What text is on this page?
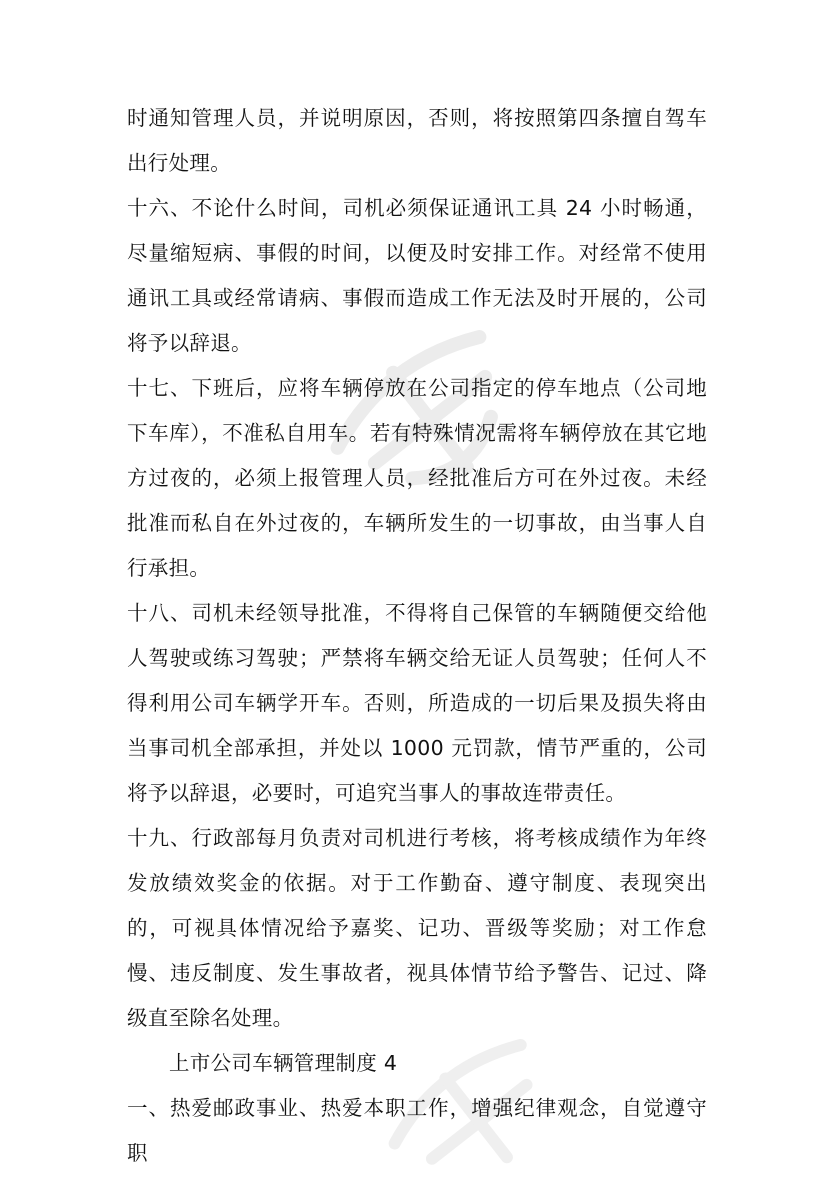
时通知管理人员，并说明原因，否则，将按照第四条擅自驾车出行处理。

十六、不论什么时间，司机必须保证通讯工具 24 小时畅通，尽量缩短病、事假的时间，以便及时安排工作。对经常不使用通讯工具或经常请病、事假而造成工作无法及时开展的，公司将予以辞退。

十七、下班后，应将车辆停放在公司指定的停车地点（公司地下车库），不准私自用车。若有特殊情况需将车辆停放在其它地方过夜的，必须上报管理人员，经批准后方可在外过夜。未经批准而私自在外过夜的，车辆所发生的一切事故，由当事人自行承担。

十八、司机未经领导批准，不得将自己保管的车辆随便交给他人驾驶或练习驾驶；严禁将车辆交给无证人员驾驶；任何人不得利用公司车辆学开车。否则，所造成的一切后果及损失将由当事司机全部承担，并处以 1000 元罚款，情节严重的，公司将予以辞退，必要时，可追究当事人的事故连带责任。

十九、行政部每月负责对司机进行考核，将考核成绩作为年终发放绩效奖金的依据。对于工作勤奋、遵守制度、表现突出的，可视具体情况给予嘉奖、记功、晋级等奖励；对工作怠慢、违反制度、发生事故者，视具体情节给予警告、记过、降级直至除名处理。

上市公司车辆管理制度 4

一、热爱邮政事业、热爱本职工作，增强纪律观念，自觉遵守职
